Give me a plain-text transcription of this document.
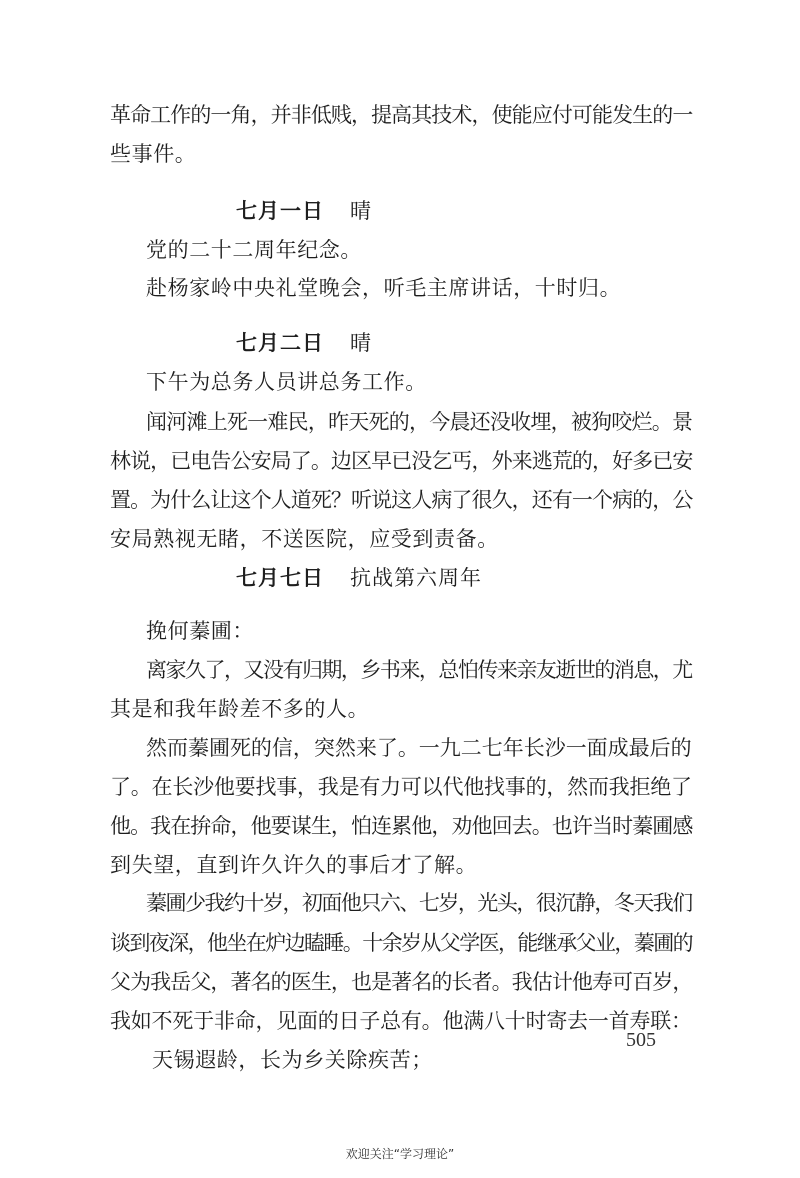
革命工作的一角，并非低贱，提高其技术，使能应付可能发生的一
些事件。
七月一日 晴
党的二十二周年纪念。
赴杨家岭中央礼堂晚会，听毛主席讲话，十时归。
七月二日 晴
下午为总务人员讲总务工作。
闻河滩上死一难民，昨天死的，今晨还没收埋，被狗咬烂。景
林说，已电告公安局了。边区早已没乞丐，外来逃荒的，好多已安
置。为什么让这个人道死？听说这人病了很久，还有一个病的，公
安局熟视无睹，不送医院，应受到责备。
七月七日 抗战第六周年
挽何蓁圃：
离家久了，又没有归期，乡书来，总怕传来亲友逝世的消息，尤
其是和我年龄差不多的人。
然而蓁圃死的信，突然来了。一九二七年长沙一面成最后的
了。在长沙他要找事，我是有力可以代他找事的，然而我拒绝了
他。我在拚命，他要谋生，怕连累他，劝他回去。也许当时蓁圃感
到失望，直到许久许久的事后才了解。
蓁圃少我约十岁，初面他只六、七岁，光头，很沉静，冬天我们
谈到夜深，他坐在炉边瞌睡。十余岁从父学医，能继承父业，蓁圃的
父为我岳父，著名的医生，也是著名的长者。我估计他寿可百岁，
我如不死于非命，见面的日子总有。他满八十时寄去一首寿联：
天锡遐龄，长为乡关除疾苦；
505
欢迎关注“学习理论”
